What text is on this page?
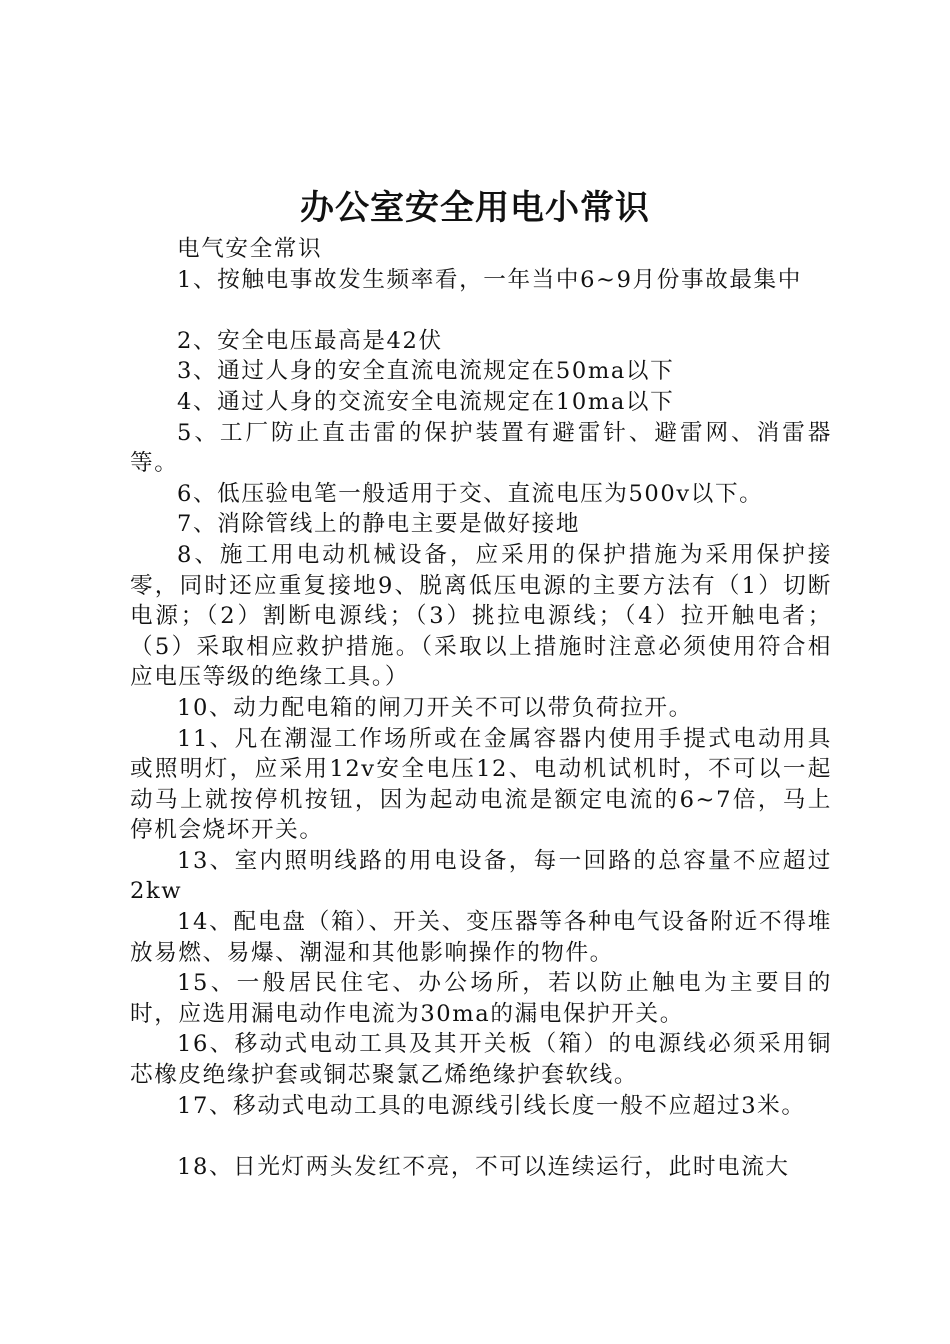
办公室安全用电小常识

电气安全常识

1、按触电事故发生频率看，一年当中6~9月份事故最集中

2、安全电压最高是42伏

3、通过人身的安全直流电流规定在50ma以下

4、通过人身的交流安全电流规定在10ma以下

5、工厂防止直击雷的保护装置有避雷针、避雷网、消雷器等。

6、低压验电笔一般适用于交、直流电压为500v以下。

7、消除管线上的静电主要是做好接地

8、施工用电动机械设备，应采用的保护措施为采用保护接零，同时还应重复接地9、脱离低压电源的主要方法有（1）切断电源；（2）割断电源线；（3）挑拉电源线；（4）拉开触电者；（5）采取相应救护措施。（采取以上措施时注意必须使用符合相应电压等级的绝缘工具。）

10、动力配电箱的闸刀开关不可以带负荷拉开。

11、凡在潮湿工作场所或在金属容器内使用手提式电动用具或照明灯，应采用12v安全电压12、电动机试机时，不可以一起动马上就按停机按钮，因为起动电流是额定电流的6~7倍，马上停机会烧坏开关。

13、室内照明线路的用电设备，每一回路的总容量不应超过2kw

14、配电盘（箱）、开关、变压器等各种电气设备附近不得堆放易燃、易爆、潮湿和其他影响操作的物件。

15、一般居民住宅、办公场所，若以防止触电为主要目的时，应选用漏电动作电流为30ma的漏电保护开关。

16、移动式电动工具及其开关板（箱）的电源线必须采用铜芯橡皮绝缘护套或铜芯聚氯乙烯绝缘护套软线。

17、移动式电动工具的电源线引线长度一般不应超过3米。

18、日光灯两头发红不亮，不可以连续运行，此时电流大
